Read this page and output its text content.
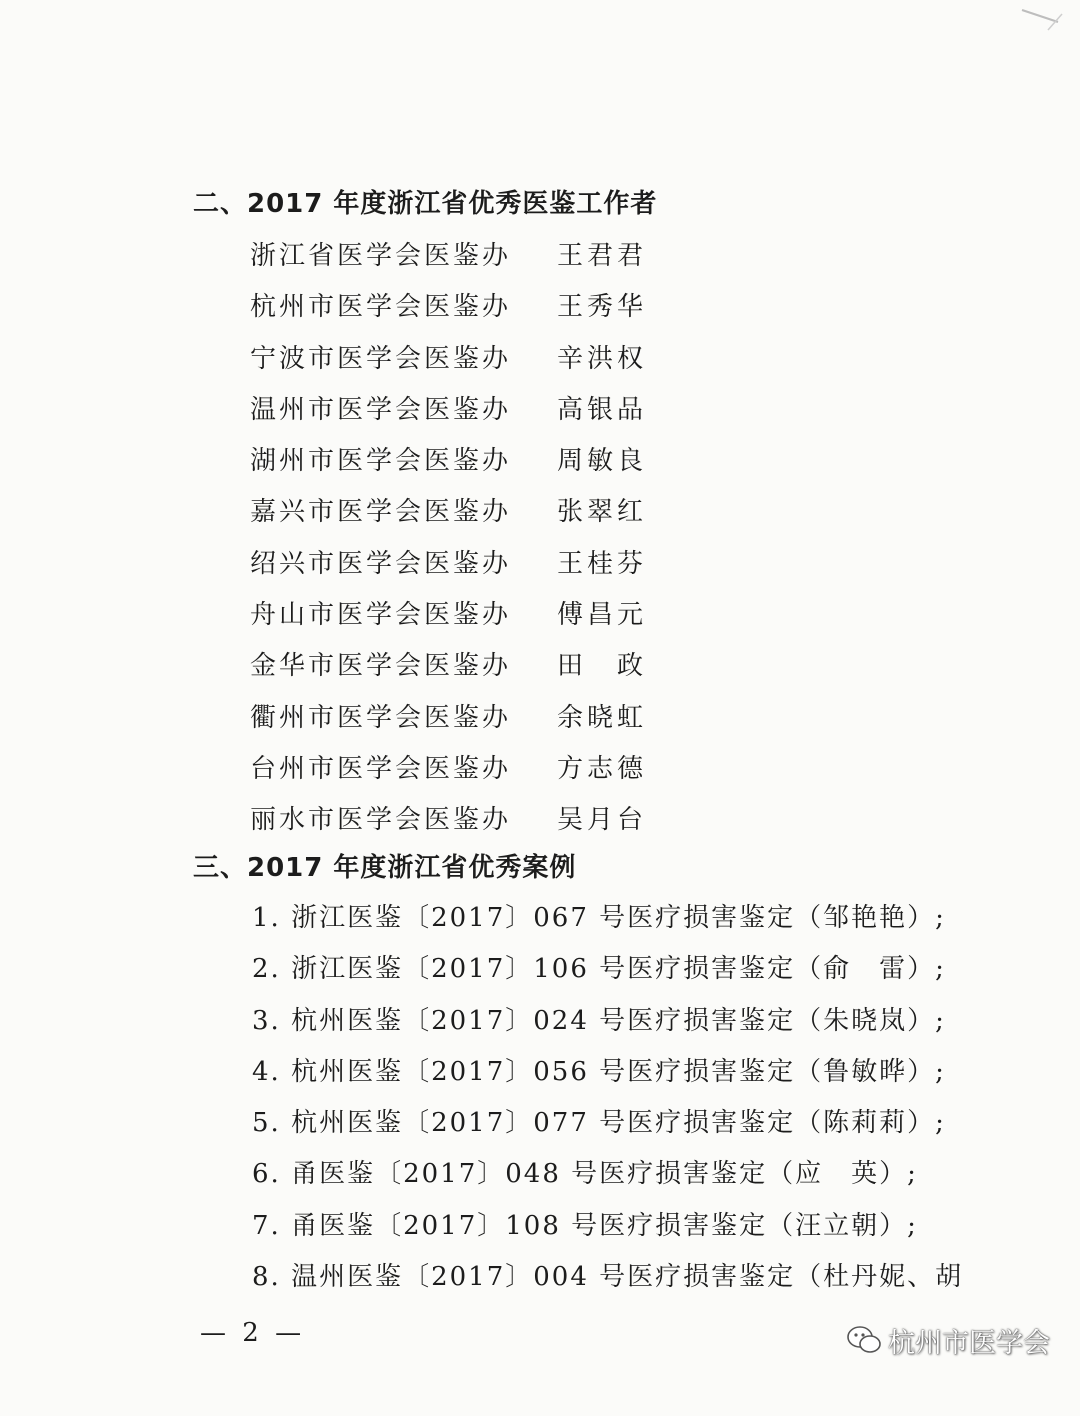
二、2017 年度浙江省优秀医鉴工作者
浙江省医学会医鉴办 王君君
杭州市医学会医鉴办 王秀华
宁波市医学会医鉴办 辛洪权
温州市医学会医鉴办 高银品
湖州市医学会医鉴办 周敏良
嘉兴市医学会医鉴办 张翠红
绍兴市医学会医鉴办 王桂芬
舟山市医学会医鉴办 傅昌元
金华市医学会医鉴办 田　政
衢州市医学会医鉴办 余晓虹
台州市医学会医鉴办 方志德
丽水市医学会医鉴办 吴月台
三、2017 年度浙江省优秀案例
1. 浙江医鉴〔2017〕067 号医疗损害鉴定（邹艳艳）;
2. 浙江医鉴〔2017〕106 号医疗损害鉴定（俞　雷）;
3. 杭州医鉴〔2017〕024 号医疗损害鉴定（朱晓岚）;
4. 杭州医鉴〔2017〕056 号医疗损害鉴定（鲁敏晔）;
5. 杭州医鉴〔2017〕077 号医疗损害鉴定（陈莉莉）;
6. 甬医鉴〔2017〕048 号医疗损害鉴定（应　英）;
7. 甬医鉴〔2017〕108 号医疗损害鉴定（汪立朝）;
8. 温州医鉴〔2017〕004 号医疗损害鉴定（杜丹妮、胡
— 2 —	杭州市医学会
